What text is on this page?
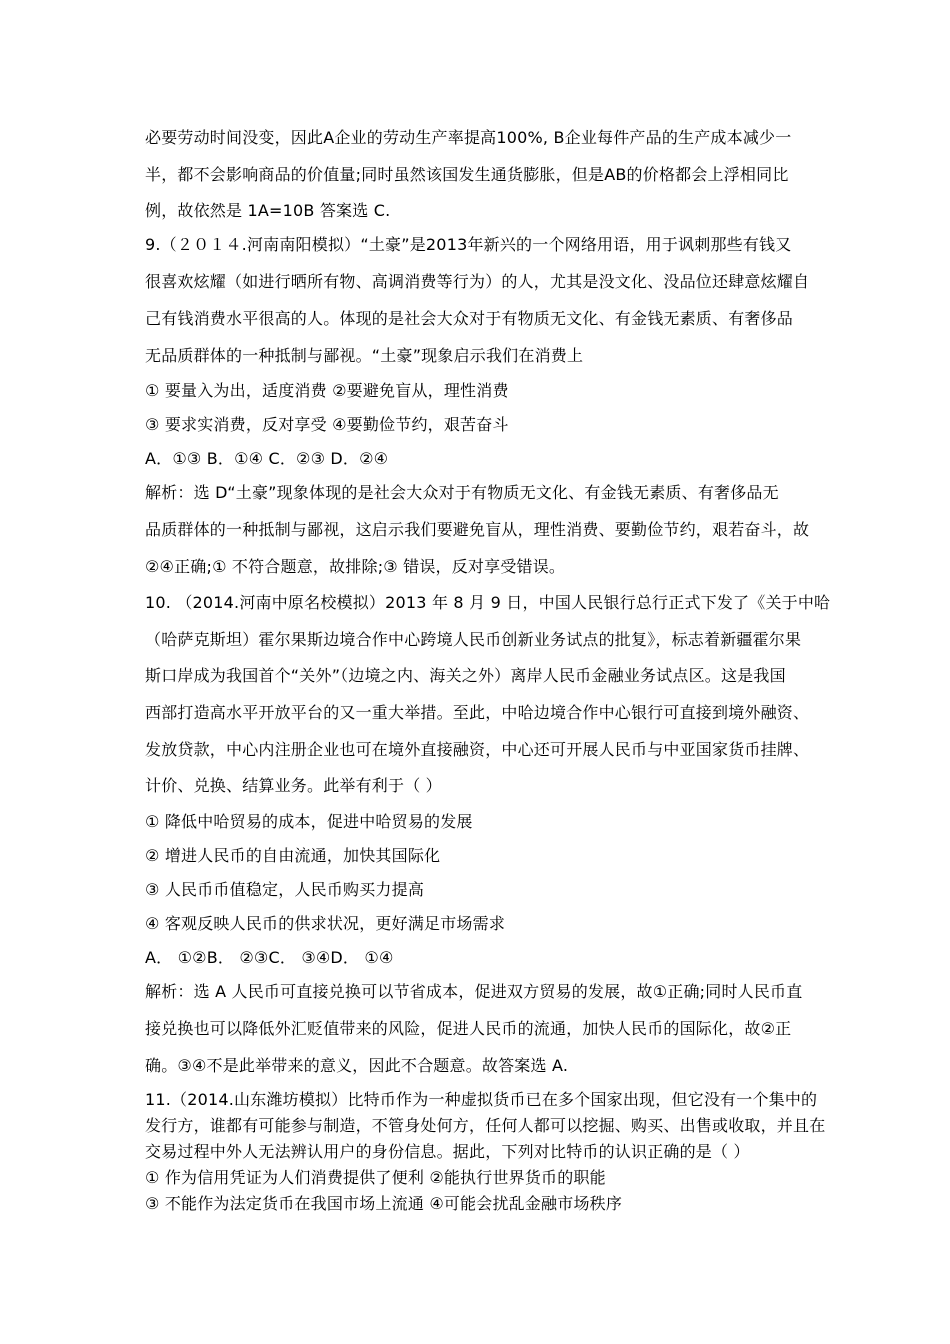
必要劳动时间没变，因此A企业的劳动生产率提高100%, B企业每件产品的生产成本减少一
半，都不会影响商品的价值量;同时虽然该国发生通货膨胀，但是AB的价格都会上浮相同比
例，故依然是 1A=10B 答案选 C.
9.（２０１４.河南南阳模拟）“土豪”是2013年新兴的一个网络用语，用于讽刺那些有钱又
很喜欢炫耀（如进行晒所有物、高调消费等行为）的人，尤其是没文化、没品位还肆意炫耀自
己有钱消费水平很高的人。体现的是社会大众对于有物质无文化、有金钱无素质、有奢侈品
无品质群体的一种抵制与鄙视。“土豪”现象启示我们在消费上
① 要量入为出，适度消费 ②要避免盲从，理性消费
③ 要求实消费，反对享受 ④要勤俭节约，艰苦奋斗
A．①③ B．①④ C．②③ D．②④
解析：选 D“土豪”现象体现的是社会大众对于有物质无文化、有金钱无素质、有奢侈品无
品质群体的一种抵制与鄙视，这启示我们要避免盲从，理性消费、要勤俭节约，艰若奋斗，故
②④正确;① 不符合题意，故排除;③ 错误，反对享受错误。
10. （2014.河南中原名校模拟）2013 年 8 月 9 日，中国人民银行总行正式下发了《关于中哈
（哈萨克斯坦）霍尔果斯边境合作中心跨境人民币创新业务试点的批复》，标志着新疆霍尔果
斯口岸成为我国首个“关外”（边境之内、海关之外）离岸人民币金融业务试点区。这是我国
西部打造高水平开放平台的又一重大举措。至此，中哈边境合作中心银行可直接到境外融资、
发放贷款，中心内注册企业也可在境外直接融资，中心还可开展人民币与中亚国家货币挂牌、
计价、兑换、结算业务。此举有利于（ ）
① 降低中哈贸易的成本，促进中哈贸易的发展
② 增进人民币的自由流通，加快其国际化
③ 人民币币值稳定，人民币购买力提高
④ 客观反映人民币的供求状况，更好满足市场需求
A． ①②B． ②③C． ③④D． ①④
解析：选 A 人民币可直接兑换可以节省成本，促进双方贸易的发展，故①正确;同时人民币直
接兑换也可以降低外汇贬值带来的风险，促进人民币的流通，加快人民币的国际化，故②正
确。③④不是此举带来的意义，因此不合题意。故答案选 A.
11.（2014.山东潍坊模拟）比特币作为一种虚拟货币已在多个国家出现，但它没有一个集中的
发行方，谁都有可能参与制造，不管身处何方，任何人都可以挖掘、购买、出售或收取，并且在
交易过程中外人无法辨认用户的身份信息。据此，下列对比特币的认识正确的是（ ）
① 作为信用凭证为人们消费提供了便利 ②能执行世界货币的职能
③ 不能作为法定货币在我国市场上流通 ④可能会扰乱金融市场秩序
